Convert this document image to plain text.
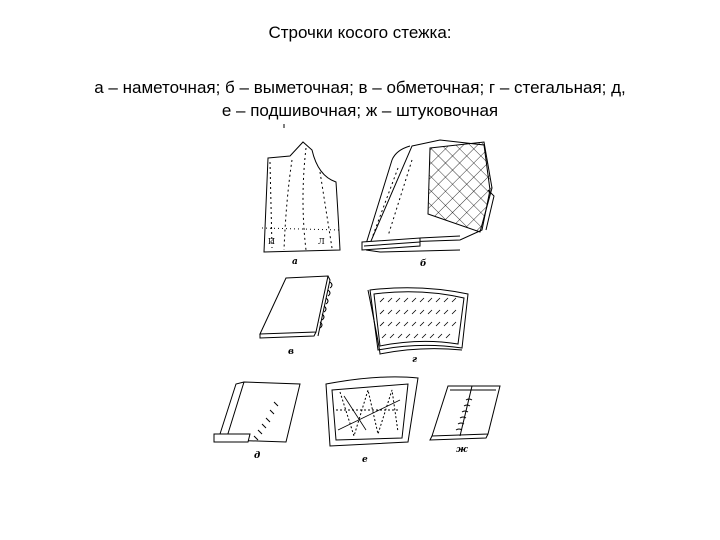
Строчки косого стежка:
а – наметочная; б – выметочная; в – обметочная; г – стегальная; д,
е – подшивочная; ж – штуковочная
И	Л
а	б
в
г
д	е
ж
